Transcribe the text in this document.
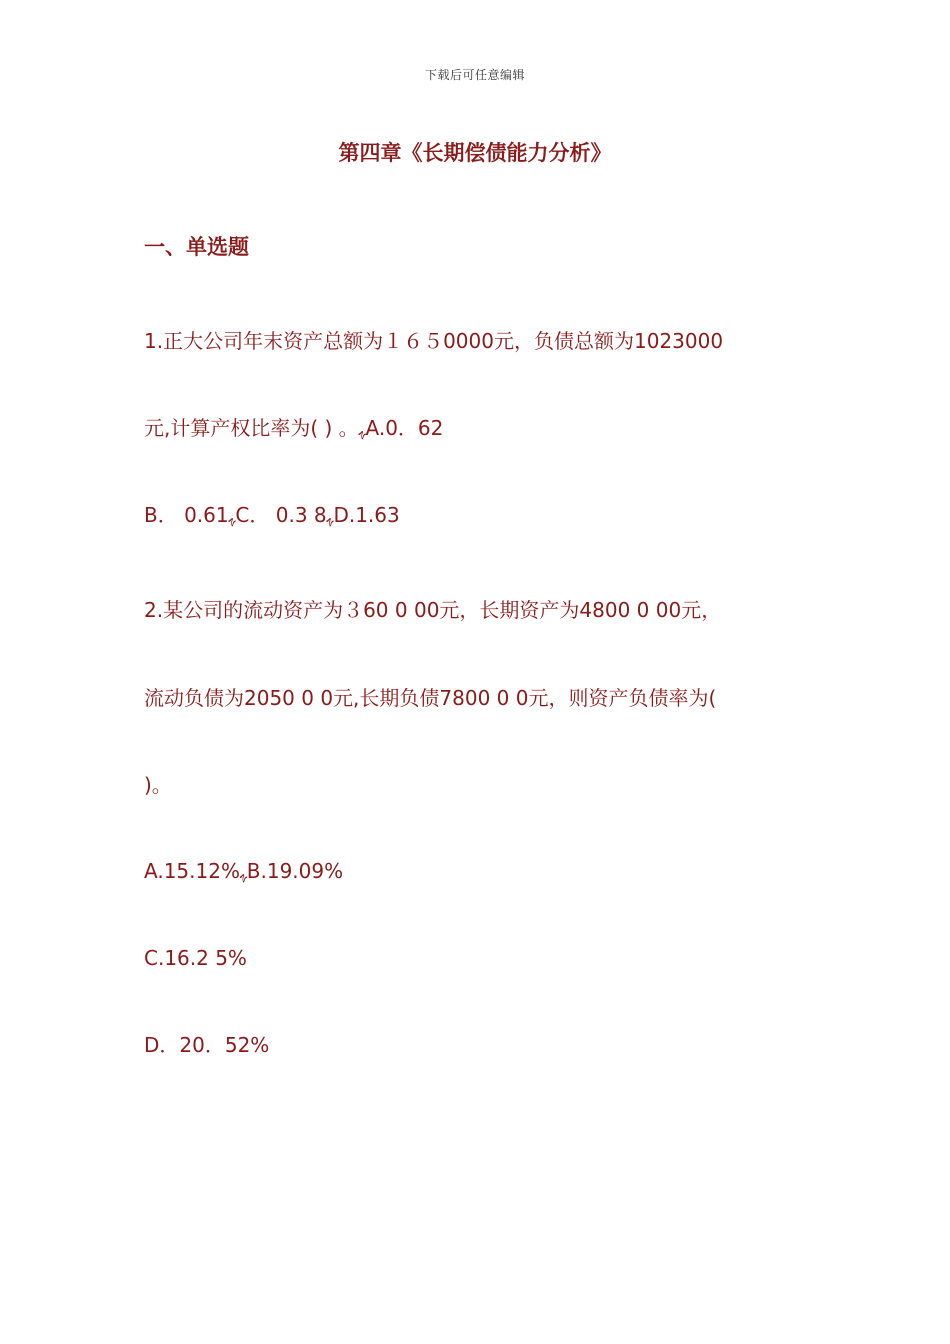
下载后可任意编辑
第四章《长期偿债能力分析》
一、单选题
1.正大公司年末资产总额为１６５0000元，负债总额为1023000
元,计算产权比率为( ) 。ﮩA.0．62
B． 0.61ﮩC． 0.3 8ﮩD.1.63
2.某公司的流动资产为３60 0 00元，长期资产为4800 0 00元，
流动负债为2050 0 0元,长期负债7800 0 0元，则资产负债率为(
)。
A.15.12%ﮩB.19.09%
C.16.2 5%
D．20．52%
